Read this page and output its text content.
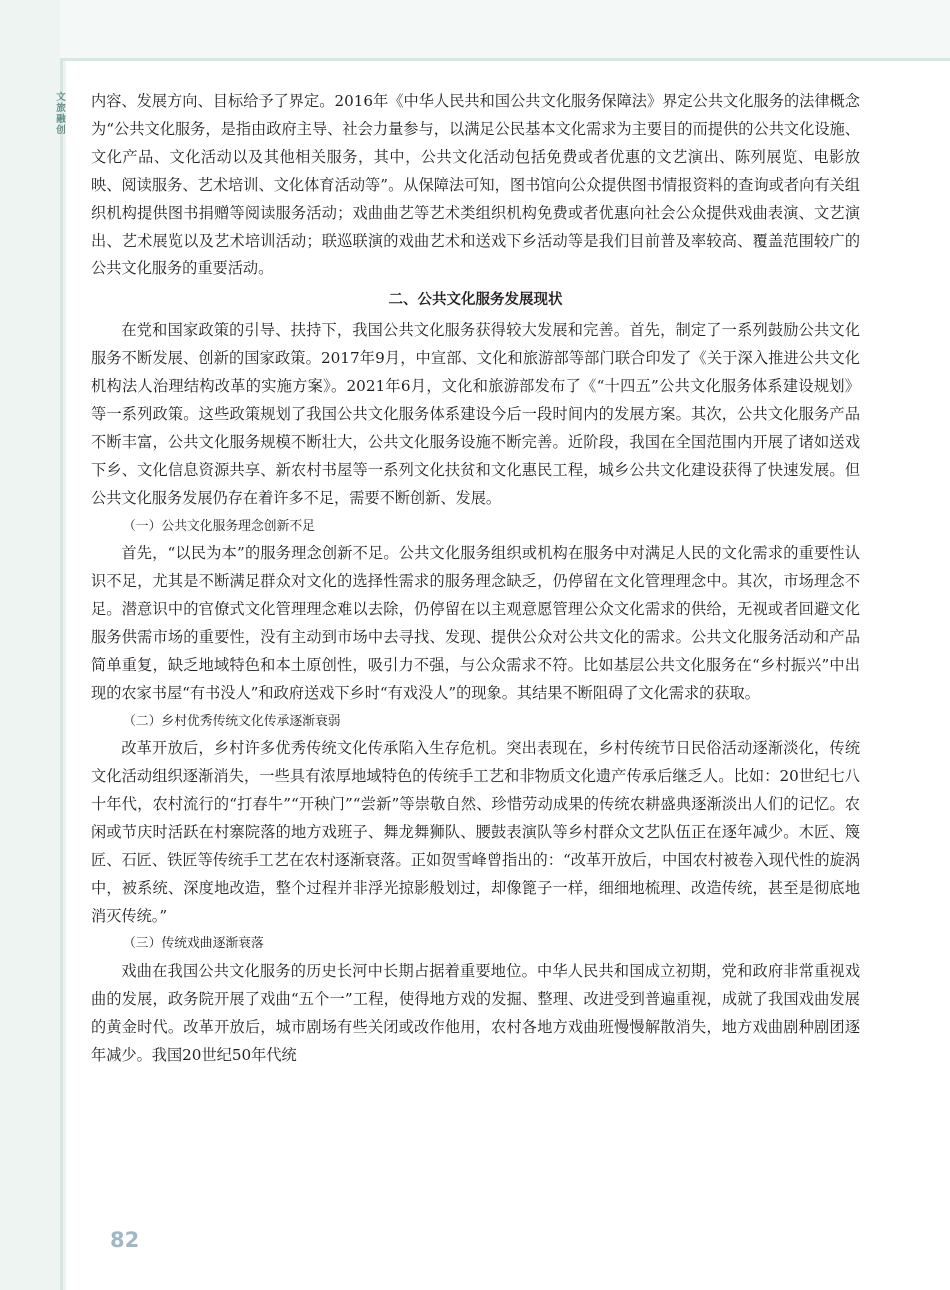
文旅融创

内容、发展方向、目标给予了界定。2016年《中华人民共和国公共文化服务保障法》界定公共文化服务的法律概念为“公共文化服务，是指由政府主导、社会力量参与，以满足公民基本文化需求为主要目的而提供的公共文化设施、文化产品、文化活动以及其他相关服务，其中，公共文化活动包括免费或者优惠的文艺演出、陈列展览、电影放映、阅读服务、艺术培训、文化体育活动等”。从保障法可知，图书馆向公众提供图书情报资料的查询或者向有关组织机构提供图书捐赠等阅读服务活动；戏曲曲艺等艺术类组织机构免费或者优惠向社会公众提供戏曲表演、文艺演出、艺术展览以及艺术培训活动；联巡联演的戏曲艺术和送戏下乡活动等是我们目前普及率较高、覆盖范围较广的公共文化服务的重要活动。

二、公共文化服务发展现状

在党和国家政策的引导、扶持下，我国公共文化服务获得较大发展和完善。首先，制定了一系列鼓励公共文化服务不断发展、创新的国家政策。2017年9月，中宣部、文化和旅游部等部门联合印发了《关于深入推进公共文化机构法人治理结构改革的实施方案》。2021年6月，文化和旅游部发布了《“十四五”公共文化服务体系建设规划》等一系列政策。这些政策规划了我国公共文化服务体系建设今后一段时间内的发展方案。其次，公共文化服务产品不断丰富，公共文化服务规模不断壮大，公共文化服务设施不断完善。近阶段，我国在全国范围内开展了诸如送戏下乡、文化信息资源共享、新农村书屋等一系列文化扶贫和文化惠民工程，城乡公共文化建设获得了快速发展。但公共文化服务发展仍存在着许多不足，需要不断创新、发展。

（一）公共文化服务理念创新不足

首先，“以民为本”的服务理念创新不足。公共文化服务组织或机构在服务中对满足人民的文化需求的重要性认识不足，尤其是不断满足群众对文化的选择性需求的服务理念缺乏，仍停留在文化管理理念中。其次，市场理念不足。潜意识中的官僚式文化管理理念难以去除，仍停留在以主观意愿管理公众文化需求的供给，无视或者回避文化服务供需市场的重要性，没有主动到市场中去寻找、发现、提供公众对公共文化的需求。公共文化服务活动和产品简单重复，缺乏地域特色和本土原创性，吸引力不强，与公众需求不符。比如基层公共文化服务在“乡村振兴”中出现的农家书屋“有书没人”和政府送戏下乡时“有戏没人”的现象。其结果不断阻碍了文化需求的获取。

（二）乡村优秀传统文化传承逐渐衰弱

改革开放后，乡村许多优秀传统文化传承陷入生存危机。突出表现在，乡村传统节日民俗活动逐渐淡化，传统文化活动组织逐渐消失，一些具有浓厚地域特色的传统手工艺和非物质文化遗产传承后继乏人。比如：20世纪七八十年代，农村流行的“打春牛”“开秧门”“尝新”等崇敬自然、珍惜劳动成果的传统农耕盛典逐渐淡出人们的记忆。农闲或节庆时活跃在村寨院落的地方戏班子、舞龙舞狮队、腰鼓表演队等乡村群众文艺队伍正在逐年减少。木匠、篾匠、石匠、铁匠等传统手工艺在农村逐渐衰落。正如贺雪峰曾指出的：“改革开放后，中国农村被卷入现代性的旋涡中，被系统、深度地改造，整个过程并非浮光掠影般划过，却像篦子一样，细细地梳理、改造传统，甚至是彻底地消灭传统。”

（三）传统戏曲逐渐衰落

戏曲在我国公共文化服务的历史长河中长期占据着重要地位。中华人民共和国成立初期，党和政府非常重视戏曲的发展，政务院开展了戏曲“五个一”工程，使得地方戏的发掘、整理、改进受到普遍重视，成就了我国戏曲发展的黄金时代。改革开放后，城市剧场有些关闭或改作他用，农村各地方戏曲班慢慢解散消失，地方戏曲剧种剧团逐年减少。我国20世纪50年代统

82
